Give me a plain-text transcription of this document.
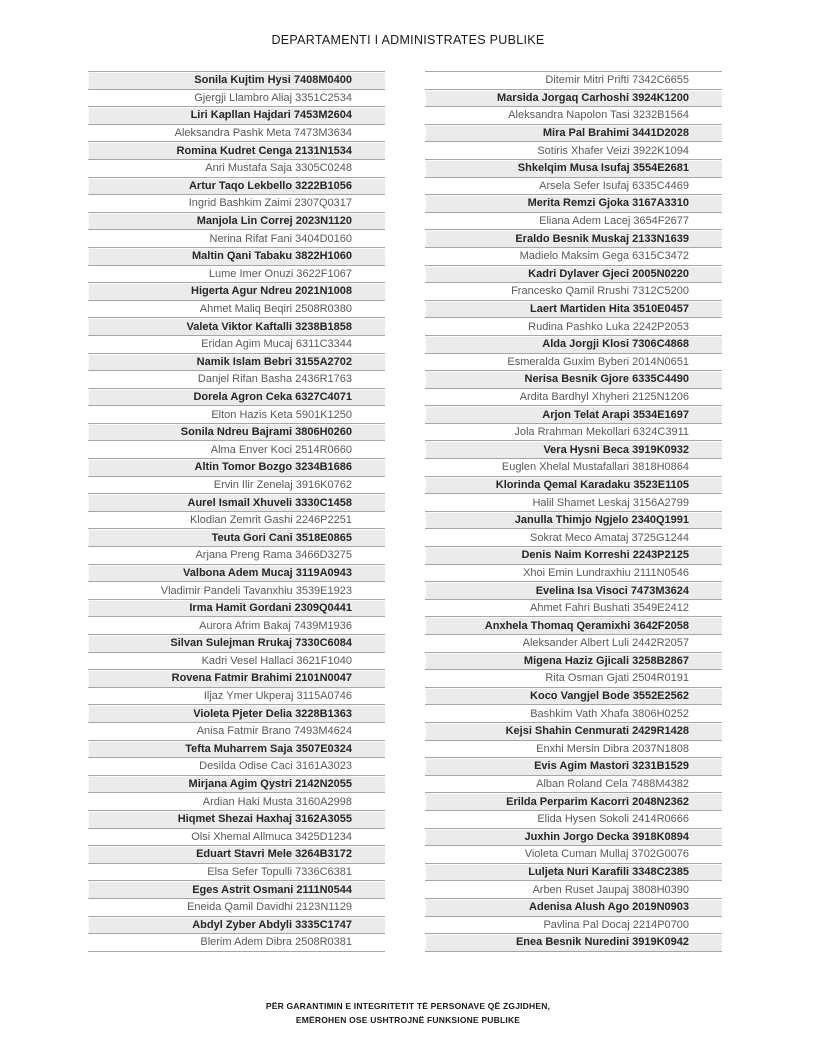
DEPARTAMENTI I ADMINISTRATES PUBLIKE
Sonila Kujtim Hysi 7408M0400
Gjergji Llambro Aliaj 3351C2534
Liri Kapllan Hajdari 7453M2604
Aleksandra Pashk Meta 7473M3634
Romina Kudret Cenga 2131N1534
Anri Mustafa Saja 3305C0248
Artur Taqo Lekbello 3222B1056
Ingrid Bashkim Zaimi 2307Q0317
Manjola Lin Correj 2023N1120
Nerina Rifat Fani 3404D0160
Maltin Qani Tabaku 3822H1060
Lume Imer Onuzi 3622F1067
Higerta Agur Ndreu 2021N1008
Ahmet Maliq Beqiri 2508R0380
Valeta Viktor Kaftalli 3238B1858
Eridan Agim Mucaj 6311C3344
Namik Islam Bebri 3155A2702
Danjel Rifan Basha 2436R1763
Dorela Agron Ceka 6327C4071
Elton Hazis Keta 5901K1250
Sonila Ndreu Bajrami 3806H0260
Alma Enver Koci 2514R0660
Altin Tomor Bozgo 3234B1686
Ervin Ilir Zenelaj 3916K0762
Aurel Ismail Xhuveli 3330C1458
Klodian Zemrit Gashi 2246P2251
Teuta Gori Cani 3518E0865
Arjana Preng Rama 3466D3275
Valbona Adem Mucaj 3119A0943
Vladimir Pandeli Tavanxhiu 3539E1923
Irma Hamit Gordani 2309Q0441
Aurora Afrim Bakaj 7439M1936
Silvan Sulejman Rrukaj 7330C6084
Kadri Vesel Hallaci 3621F1040
Rovena Fatmir Brahimi 2101N0047
Iljaz Ymer Ukperaj 3115A0746
Violeta Pjeter Delia 3228B1363
Anisa Fatmir Brano 7493M4624
Tefta Muharrem Saja 3507E0324
Desilda Odise Caci 3161A3023
Mirjana Agim Qystri 2142N2055
Ardian Haki Musta 3160A2998
Hiqmet Shezai Haxhaj 3162A3055
Olsi Xhemal Allmuca 3425D1234
Eduart Stavri Mele 3264B3172
Elsa Sefer Topulli 7336C6381
Eges Astrit Osmani 2111N0544
Eneida Qamil Davidhi 2123N1129
Abdyl Zyber Abdyli 3335C1747
Blerim Adem Dibra 2508R0381
Ditemir Mitri Prifti 7342C6655
Marsida Jorgaq Carhoshi 3924K1200
Aleksandra Napolon Tasi 3232B1564
Mira Pal Brahimi 3441D2028
Sotiris Xhafer Veizi 3922K1094
Shkelqim Musa Isufaj 3554E2681
Arsela Sefer Isufaj 6335C4469
Merita Remzi Gjoka 3167A3310
Eliana Adem Lacej 3654F2677
Eraldo Besnik Muskaj 2133N1639
Madielo Maksim Gega 6315C3472
Kadri Dylaver Gjeci 2005N0220
Francesko Qamil Rrushi 7312C5200
Laert Martiden Hita 3510E0457
Rudina Pashko Luka 2242P2053
Alda Jorgji Klosi 7306C4868
Esmeralda Guxim Byberi 2014N0651
Nerisa Besnik Gjore 6335C4490
Ardita Bardhyl Xhyheri 2125N1206
Arjon Telat Arapi 3534E1697
Jola Rrahman Mekollari 6324C3911
Vera Hysni Beca 3919K0932
Euglen Xhelal Mustafallari 3818H0864
Klorinda Qemal Karadaku 3523E1105
Halil Shamet Leskaj 3156A2799
Janulla Thimjo Ngjelo 2340Q1991
Sokrat Meco Amataj 3725G1244
Denis Naim Korreshi 2243P2125
Xhoi Emin Lundraxhiu 2111N0546
Evelina Isa Visoci 7473M3624
Ahmet Fahri Bushati 3549E2412
Anxhela Thomaq Qeramixhi 3642F2058
Aleksander Albert Luli 2442R2057
Migena Haziz Gjicali 3258B2867
Rita Osman Gjati 2504R0191
Koco Vangjel Bode 3552E2562
Bashkim Vath Xhafa 3806H0252
Kejsi Shahin Cenmurati 2429R1428
Enxhi Mersin Dibra 2037N1808
Evis Agim Mastori 3231B1529
Alban Roland Cela 7488M4382
Erilda Perparim Kacorri 2048N2362
Elida Hysen Sokoli 2414R0666
Juxhin Jorgo Decka 3918K0894
Violeta Cuman Mullaj 3702G0076
Luljeta Nuri Karafili 3348C2385
Arben Ruset Jaupaj 3808H0390
Adenisa Alush Ago 2019N0903
Pavlina Pal Docaj 2214P0700
Enea Besnik Nuredini 3919K0942
PËR GARANTIMIN E INTEGRITETIT TË PERSONAVE QË ZGJIDHEN,
EMËROHEN OSE USHTROJNË FUNKSIONE PUBLIKE
